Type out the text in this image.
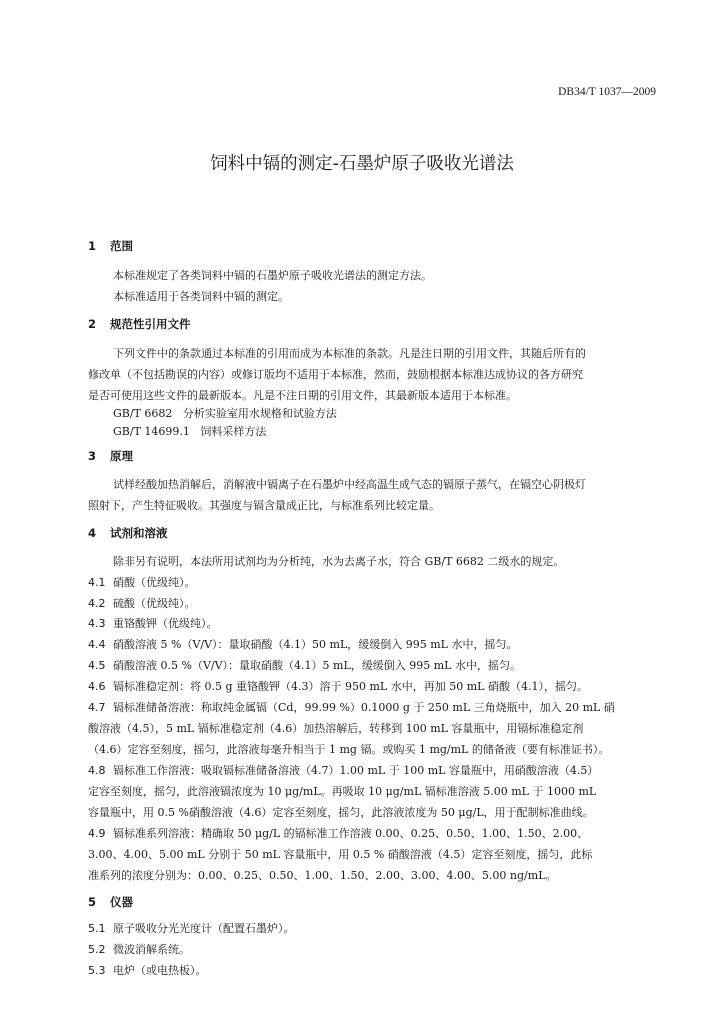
DB34/T 1037—2009
饲料中镉的测定-石墨炉原子吸收光谱法
1 范围
本标准规定了各类饲料中镉的石墨炉原子吸收光谱法的测定方法。
本标准适用于各类饲料中镉的测定。
2 规范性引用文件
下列文件中的条款通过本标准的引用而成为本标准的条款。凡是注日期的引用文件，其随后所有的
修改单（不包括勘误的内容）或修订版均不适用于本标准，然而，鼓励根据本标准达成协议的各方研究
是否可使用这些文件的最新版本。凡是不注日期的引用文件，其最新版本适用于本标准。
GB/T 6682   分析实验室用水规格和试验方法
GB/T 14699.1   饲料采样方法
3 原理
试样经酸加热消解后，消解液中镉离子在石墨炉中经高温生成气态的镉原子蒸气，在镉空心阴极灯
照射下，产生特征吸收。其强度与镉含量成正比，与标准系列比较定量。
4 试剂和溶液
除非另有说明，本法所用试剂均为分析纯，水为去离子水，符合 GB/T 6682 二级水的规定。
4.1 硝酸（优级纯）。
4.2 硫酸（优级纯）。
4.3 重铬酸钾（优级纯）。
4.4 硝酸溶液 5 %（V/V）：量取硝酸（4.1）50 mL，缓缓倒入 995 mL 水中，摇匀。
4.5 硝酸溶液 0.5 %（V/V）：量取硝酸（4.1）5 mL，缓缓倒入 995 mL 水中，摇匀。
4.6 镉标准稳定剂：将 0.5 g 重铬酸钾（4.3）溶于 950 mL 水中，再加 50 mL 硝酸（4.1），摇匀。
4.7 镉标准储备溶液：称取纯金属镉（Cd，99.99 %）0.1000 g 于 250 mL 三角烧瓶中，加入 20 mL 硝
酸溶液（4.5），5 mL 镉标准稳定剂（4.6）加热溶解后，转移到 100 mL 容量瓶中，用镉标准稳定剂
（4.6）定容至刻度，摇匀，此溶液每毫升相当于 1 mg 镉。或购买 1 mg/mL 的储备液（要有标准证书）。
4.8 镉标准工作溶液：吸取镉标准储备溶液（4.7）1.00 mL 于 100 mL 容量瓶中，用硝酸溶液（4.5）
定容至刻度，摇匀，此溶液镉浓度为 10 μg/mL。再吸取 10 μg/mL 镉标准溶液 5.00 mL 于 1000 mL
容量瓶中，用 0.5 %硝酸溶液（4.6）定容至刻度，摇匀，此溶液浓度为 50 μg/L，用于配制标准曲线。
4.9 镉标准系列溶液：精确取 50 μg/L 的镉标准工作溶液 0.00、0.25、0.50、1.00、1.50、2.00、
3.00、4.00、5.00 mL 分别于 50 mL 容量瓶中，用 0.5 % 硝酸溶液（4.5）定容至刻度，摇匀，此标
准系列的浓度分别为：0.00、0.25、0.50、1.00、1.50、2.00、3.00、4.00、5.00 ng/mL。
5 仪器
5.1 原子吸收分光光度计（配置石墨炉）。
5.2 微波消解系统。
5.3 电炉（或电热板）。
